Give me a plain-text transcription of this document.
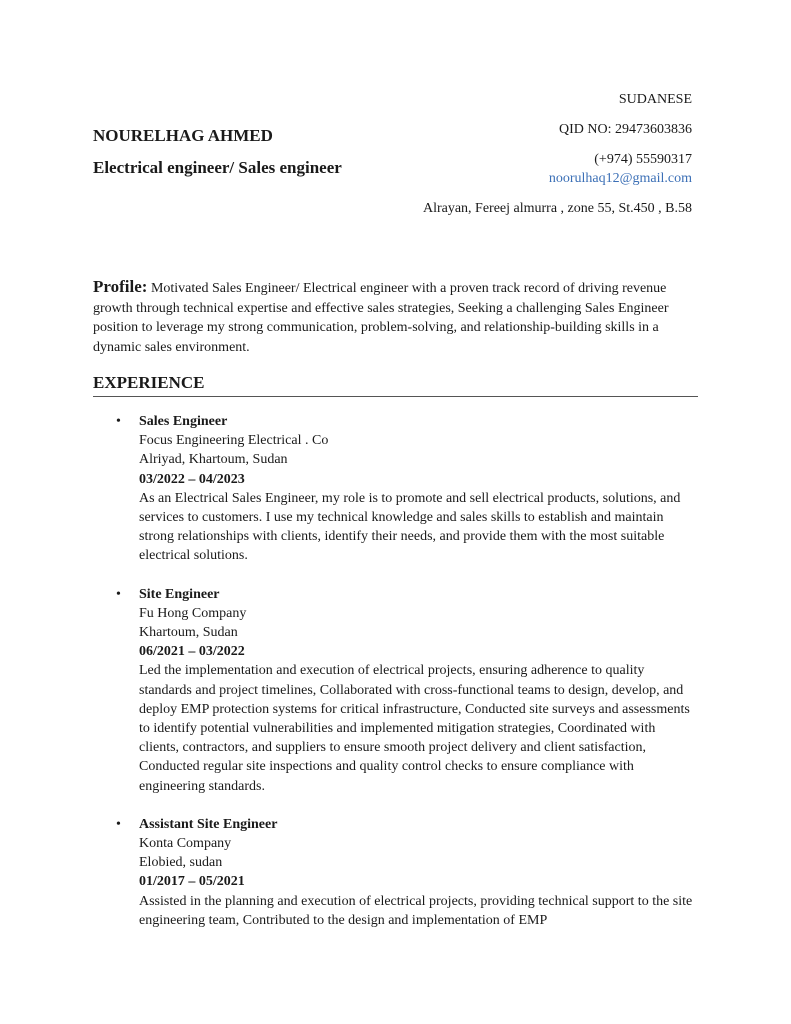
NOURELHAG AHMED
Electrical engineer/ Sales engineer
SUDANESE
QID NO: 29473603836
(+974) 55590317
noorulhaq12@gmail.com
Alrayan, Fereej almurra , zone 55, St.450 , B.58
Profile: Motivated Sales Engineer/ Electrical engineer with a proven track record of driving revenue growth through technical expertise and effective sales strategies, Seeking a challenging Sales Engineer position to leverage my strong communication, problem-solving, and relationship-building skills in a dynamic sales environment.
EXPERIENCE
• Sales Engineer
Focus Engineering Electrical . Co
Alriyad, Khartoum, Sudan
03/2022 – 04/2023
As an Electrical Sales Engineer, my role is to promote and sell electrical products, solutions, and services to customers. I use my technical knowledge and sales skills to establish and maintain strong relationships with clients, identify their needs, and provide them with the most suitable electrical solutions.
• Site Engineer
Fu Hong Company
Khartoum, Sudan
06/2021 – 03/2022
Led the implementation and execution of electrical projects, ensuring adherence to quality standards and project timelines, Collaborated with cross-functional teams to design, develop, and deploy EMP protection systems for critical infrastructure, Conducted site surveys and assessments to identify potential vulnerabilities and implemented mitigation strategies, Coordinated with clients, contractors, and suppliers to ensure smooth project delivery and client satisfaction, Conducted regular site inspections and quality control checks to ensure compliance with engineering standards.
• Assistant Site Engineer
Konta Company
Elobied, sudan
01/2017 – 05/2021
Assisted in the planning and execution of electrical projects, providing technical support to the site engineering team, Contributed to the design and implementation of EMP
